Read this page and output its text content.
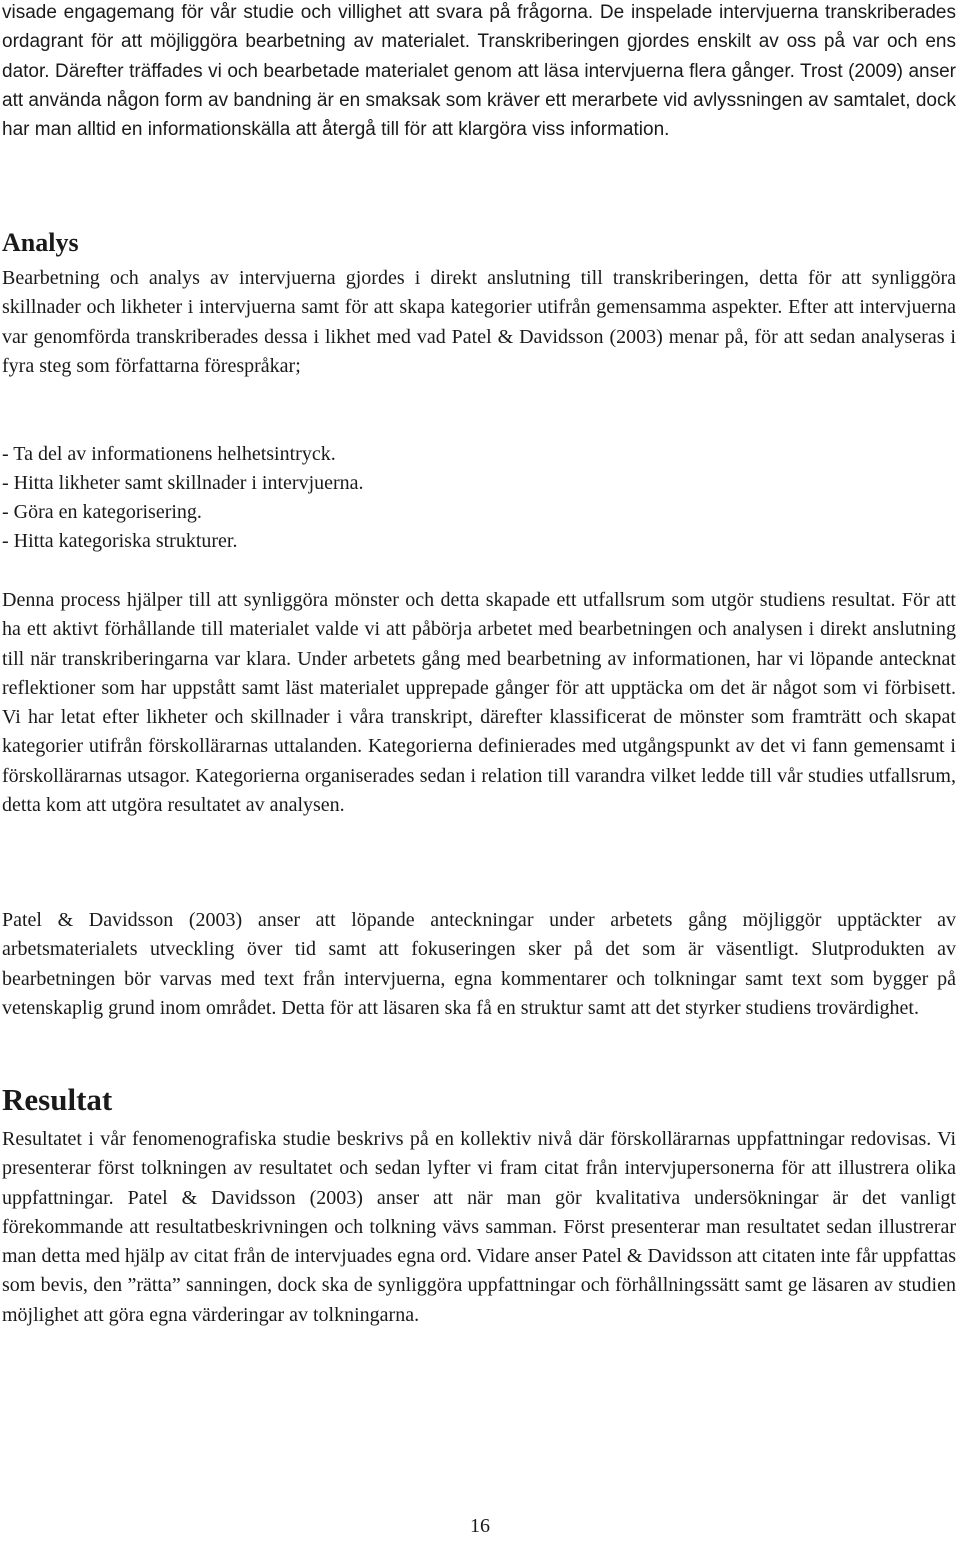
visade engagemang för vår studie och villighet att svara på frågorna. De inspelade intervjuerna transkriberades ordagrant för att möjliggöra bearbetning av materialet. Transkriberingen gjordes enskilt av oss på var och ens dator. Därefter träffades vi och bearbetade materialet genom att läsa intervjuerna flera gånger. Trost (2009) anser att använda någon form av bandning är en smaksak som kräver ett merarbete vid avlyssningen av samtalet, dock har man alltid en informationskälla att återgå till för att klargöra viss information.

Analys

Bearbetning och analys av intervjuerna gjordes i direkt anslutning till transkriberingen, detta för att synliggöra skillnader och likheter i intervjuerna samt för att skapa kategorier utifrån gemensamma aspekter. Efter att intervjuerna var genomförda transkriberades dessa i likhet med vad Patel & Davidsson (2003) menar på, för att sedan analyseras i fyra steg som författarna förespråkar;

- Ta del av informationens helhetsintryck.
- Hitta likheter samt skillnader i intervjuerna.
- Göra en kategorisering.
- Hitta kategoriska strukturer.

Denna process hjälper till att synliggöra mönster och detta skapade ett utfallsrum som utgör studiens resultat. För att ha ett aktivt förhållande till materialet valde vi att påbörja arbetet med bearbetningen och analysen i direkt anslutning till när transkriberingarna var klara. Under arbetets gång med bearbetning av informationen, har vi löpande antecknat reflektioner som har uppstått samt läst materialet upprepade gånger för att upptäcka om det är något som vi förbisett. Vi har letat efter likheter och skillnader i våra transkript, därefter klassificerat de mönster som framträtt och skapat kategorier utifrån förskollärarnas uttalanden. Kategorierna definierades med utgångspunkt av det vi fann gemensamt i förskollärarnas utsagor. Kategorierna organiserades sedan i relation till varandra vilket ledde till vår studies utfallsrum, detta kom att utgöra resultatet av analysen.

Patel & Davidsson (2003) anser att löpande anteckningar under arbetets gång möjliggör upptäckter av arbetsmaterialets utveckling över tid samt att fokuseringen sker på det som är väsentligt. Slutprodukten av bearbetningen bör varvas med text från intervjuerna, egna kommentarer och tolkningar samt text som bygger på vetenskaplig grund inom området. Detta för att läsaren ska få en struktur samt att det styrker studiens trovärdighet.

Resultat

Resultatet i vår fenomenografiska studie beskrivs på en kollektiv nivå där förskollärarnas uppfattningar redovisas. Vi presenterar först tolkningen av resultatet och sedan lyfter vi fram citat från intervjupersonerna för att illustrera olika uppfattningar. Patel & Davidsson (2003) anser att när man gör kvalitativa undersökningar är det vanligt förekommande att resultatbeskrivningen och tolkning vävs samman. Först presenterar man resultatet sedan illustrerar man detta med hjälp av citat från de intervjuades egna ord. Vidare anser Patel & Davidsson att citaten inte får uppfattas som bevis, den ”rätta” sanningen, dock ska de synliggöra uppfattningar och förhållningssätt samt ge läsaren av studien möjlighet att göra egna värderingar av tolkningarna.

16
